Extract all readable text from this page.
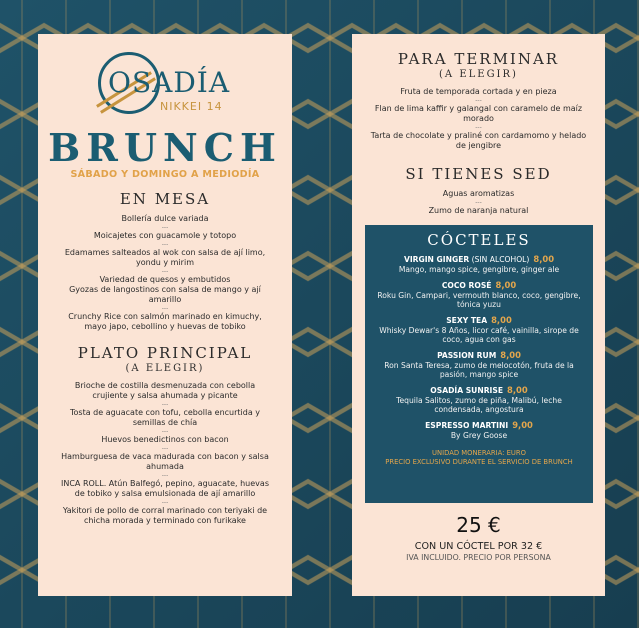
OSADÍA
NIKKEI 14
BRUNCH
SÁBADO Y DOMINGO A MEDIODÍA
EN MESA
Bollería dulce variada
---
Moicajetes con guacamole y totopo
---
Edamames salteados al wok con salsa de ají limo, yondu y mirim
---
Variedad de quesos y embutidos
Gyozas de langostinos con salsa de mango y ají amarillo
---
Crunchy Rice con salmón marinado en kimuchy, mayo japo, cebollino y huevas de tobiko
PLATO PRINCIPAL
(A ELEGIR)
Brioche de costilla desmenuzada con cebolla crujiente y salsa ahumada y picante
---
Tosta de aguacate con tofu, cebolla encurtida y semillas de chía
---
Huevos benedictinos con bacon
---
Hamburguesa de vaca madurada con bacon y salsa ahumada
---
INCA ROLL. Atún Balfegó, pepino, aguacate, huevas de tobiko y salsa emulsionada de ají amarillo
---
Yakitori de pollo de corral marinado con teriyaki de chicha morada y terminado con furikake
PARA TERMINAR
(A ELEGIR)
Fruta de temporada cortada y en pieza
---
Flan de lima kaffir y galangal con caramelo de maíz morado
---
Tarta de chocolate y praliné con cardamomo y helado de jengibre
SI TIENES SED
Aguas aromatizas
---
Zumo de naranja natural
CÓCTELES
VIRGIN GINGER (SIN ALCOHOL) 8,00
Mango, mango spice, gengibre, ginger ale
COCO ROSÉ 8,00
Roku Gin, Campari, vermouth blanco, coco, gengibre, tónica yuzu
SEXY TEA 8,00
Whisky Dewar's 8 Años, licor café, vainilla, sirope de coco, agua con gas
PASSION RUM 8,00
Ron Santa Teresa, zumo de melocotón, fruta de la pasión, mango spice
OSADÍA SUNRISE 8,00
Tequila Salitos, zumo de piña, Malibú, leche condensada, angostura
ESPRESSO MARTINI 9,00
By Grey Goose
UNIDAD MONERARIA: EURO
PRECIO EXCLUSIVO DURANTE EL SERVICIO DE BRUNCH
25 €
CON UN CÓCTEL POR 32 €
IVA INCLUIDO. PRECIO POR PERSONA
